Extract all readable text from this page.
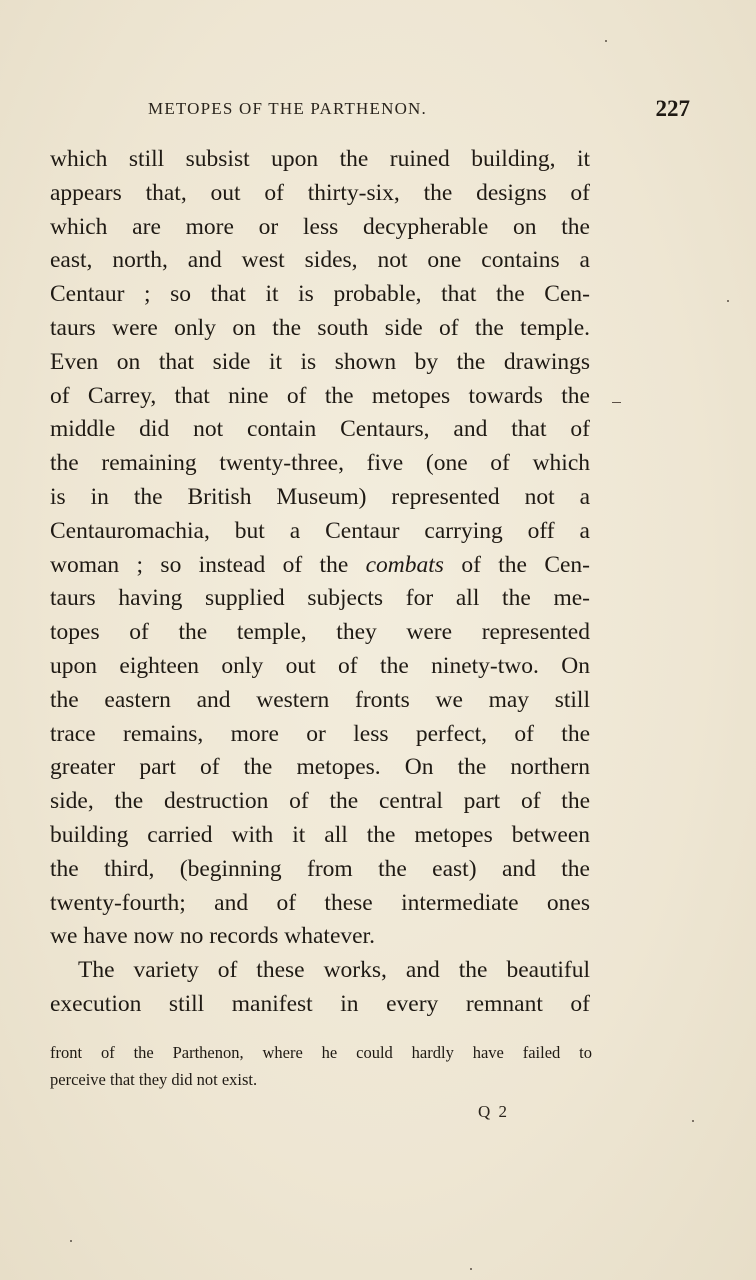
METOPES OF THE PARTHENON.	227
which still subsist upon the ruined building, it
appears that, out of thirty-six, the designs of
which are more or less decypherable on the
east, north, and west sides, not one contains a
Centaur ; so that it is probable, that the Cen-
taurs were only on the south side of the temple.
Even on that side it is shown by the drawings
of Carrey, that nine of the metopes towards the
middle did not contain Centaurs, and that of
the remaining twenty-three, five (one of which
is in the British Museum) represented not a
Centauromachia, but a Centaur carrying off a
woman ; so instead of the combats of the Cen-
taurs having supplied subjects for all the me-
topes of the temple, they were represented
upon eighteen only out of the ninety-two. On
the eastern and western fronts we may still
trace remains, more or less perfect, of the
greater part of the metopes. On the northern
side, the destruction of the central part of the
building carried with it all the metopes between
the third, (beginning from the east) and the
twenty-fourth; and of these intermediate ones
we have now no records whatever.
The variety of these works, and the beautiful
execution still manifest in every remnant of
front of the Parthenon, where he could hardly have failed to
perceive that they did not exist.
Q 2
